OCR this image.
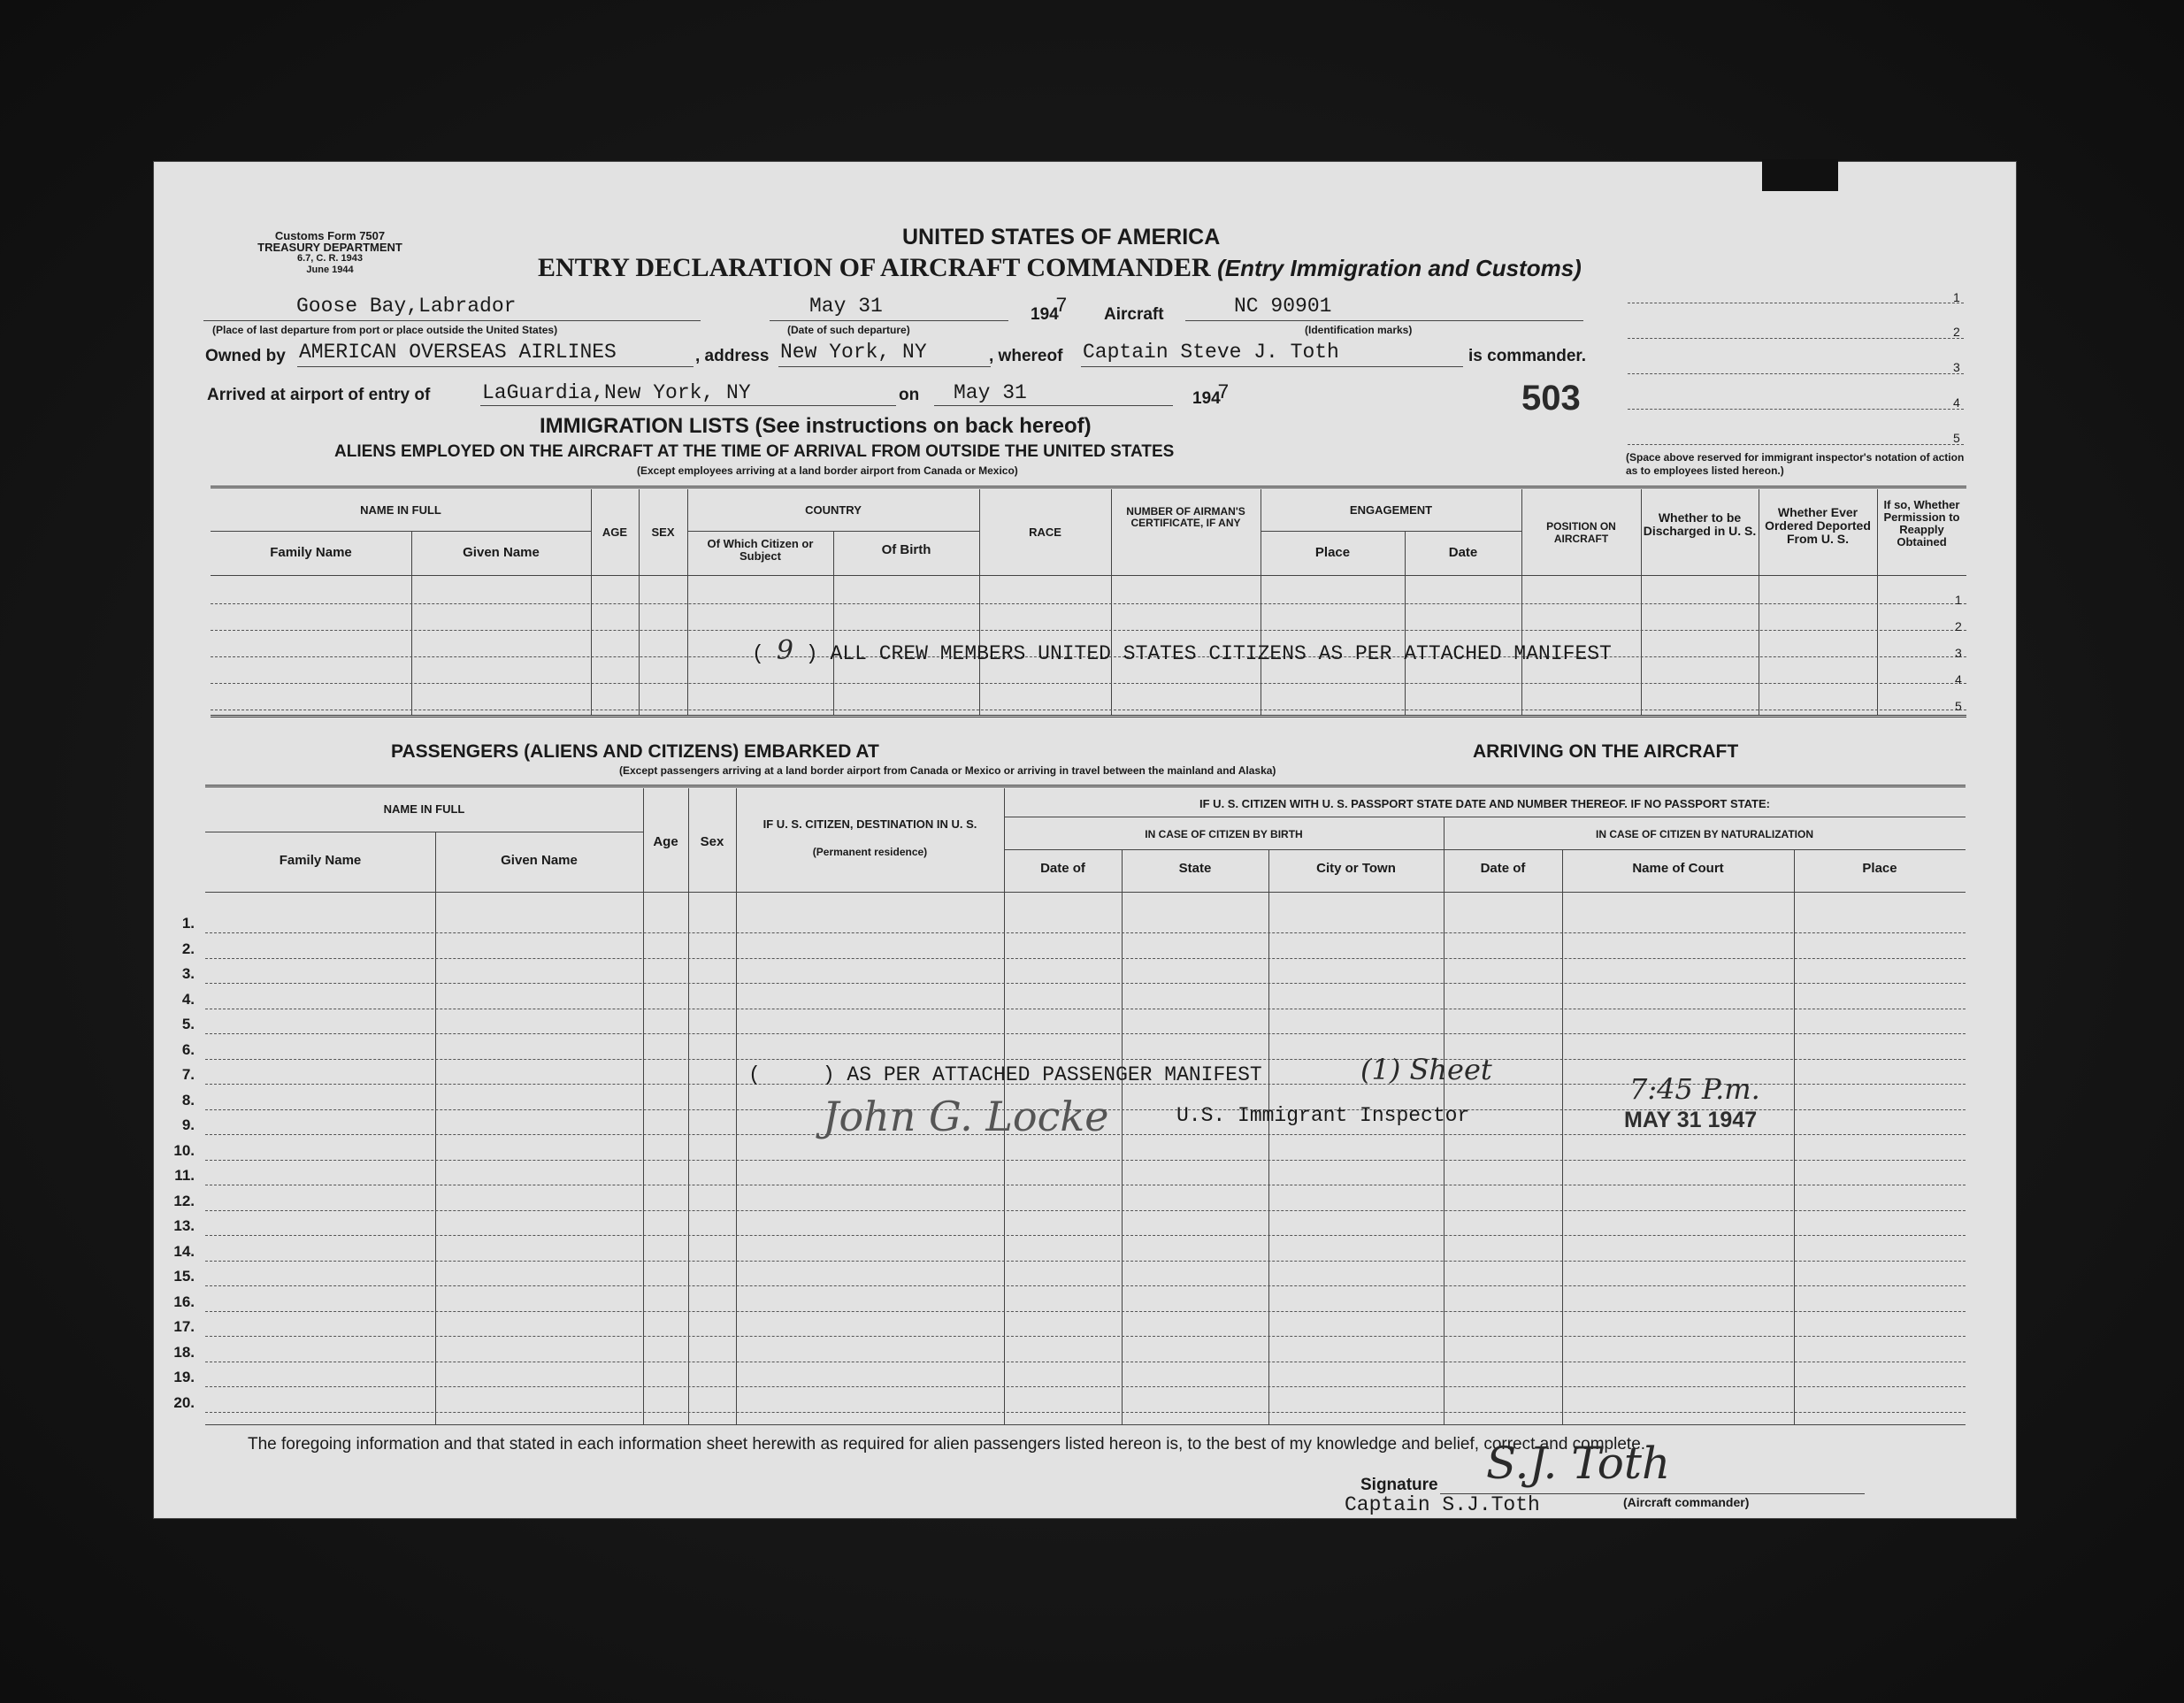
Customs Form 7507
TREASURY DEPARTMENT
6.7, C. R. 1943
June 1944
UNITED STATES OF AMERICA
ENTRY DECLARATION OF AIRCRAFT COMMANDER (Entry Immigration and Customs)
Goose Bay,Labrador
(Place of last departure from port or place outside the United States)
May 31
(Date of such departure)
194
7 Aircraft	NC 90901
(Identification marks)
Owned by AMERICAN OVERSEAS AIRLINES	, address New York, NY	, whereof Captain Steve J. Toth	is commander.
Arrived at airport of entry of	LaGuardia,New York, NY	on May 31	194
7	503
1
2
3
4
5
(Space above reserved for immigrant inspector's notation of action as to employees listed hereon.)
IMMIGRATION LISTS (See instructions on back hereof)
ALIENS EMPLOYED ON THE AIRCRAFT AT THE TIME OF ARRIVAL FROM OUTSIDE THE UNITED STATES
(Except employees arriving at a land border airport from Canada or Mexico)
NAME IN FULL
Family Name	Given Name
AGE	SEX
COUNTRY
Of Which Citizen or Subject	Of Birth
RACE
NUMBER OF AIRMAN'S CERTIFICATE, IF ANY
ENGAGEMENT
Place	Date
POSITION ON AIRCRAFT
Whether to be Discharged in U. S.
Whether Ever Ordered Deported From U. S.
If so, Whether Permission to Reapply Obtained
1
2
3
4
5
( 9 ) ALL CREW MEMBERS UNITED STATES CITIZENS AS PER ATTACHED MANIFEST
PASSENGERS (ALIENS AND CITIZENS) EMBARKED AT	ARRIVING ON THE AIRCRAFT
(Except passengers arriving at a land border airport from Canada or Mexico or arriving in travel between the mainland and Alaska)
NAME IN FULL
Family Name	Given Name
Age	Sex
IF U. S. CITIZEN, DESTINATION IN U. S.
(Permanent residence)
IF U. S. CITIZEN WITH U. S. PASSPORT STATE DATE AND NUMBER THEREOF. IF NO PASSPORT STATE:
IN CASE OF CITIZEN BY BIRTH	IN CASE OF CITIZEN BY NATURALIZATION
Date of	State	City or Town	Date of	Name of Court	Place
1.
2.
3.
4.
5.
6.
7.
8.
9.
10.
11.
12.
13.
14.
15.
16.
17.
18.
19.
20.
(	) AS PER ATTACHED PASSENGER MANIFEST	(1) Sheet
John G. Locke	U.S. Immigrant Inspector
7:45 P.m.
MAY 31 1947
The foregoing information and that stated in each information sheet herewith as required for alien passengers listed hereon is, to the best of my knowledge and belief, correct and complete.
Signature S.J. Toth
Captain S.J.Toth	(Aircraft commander)
